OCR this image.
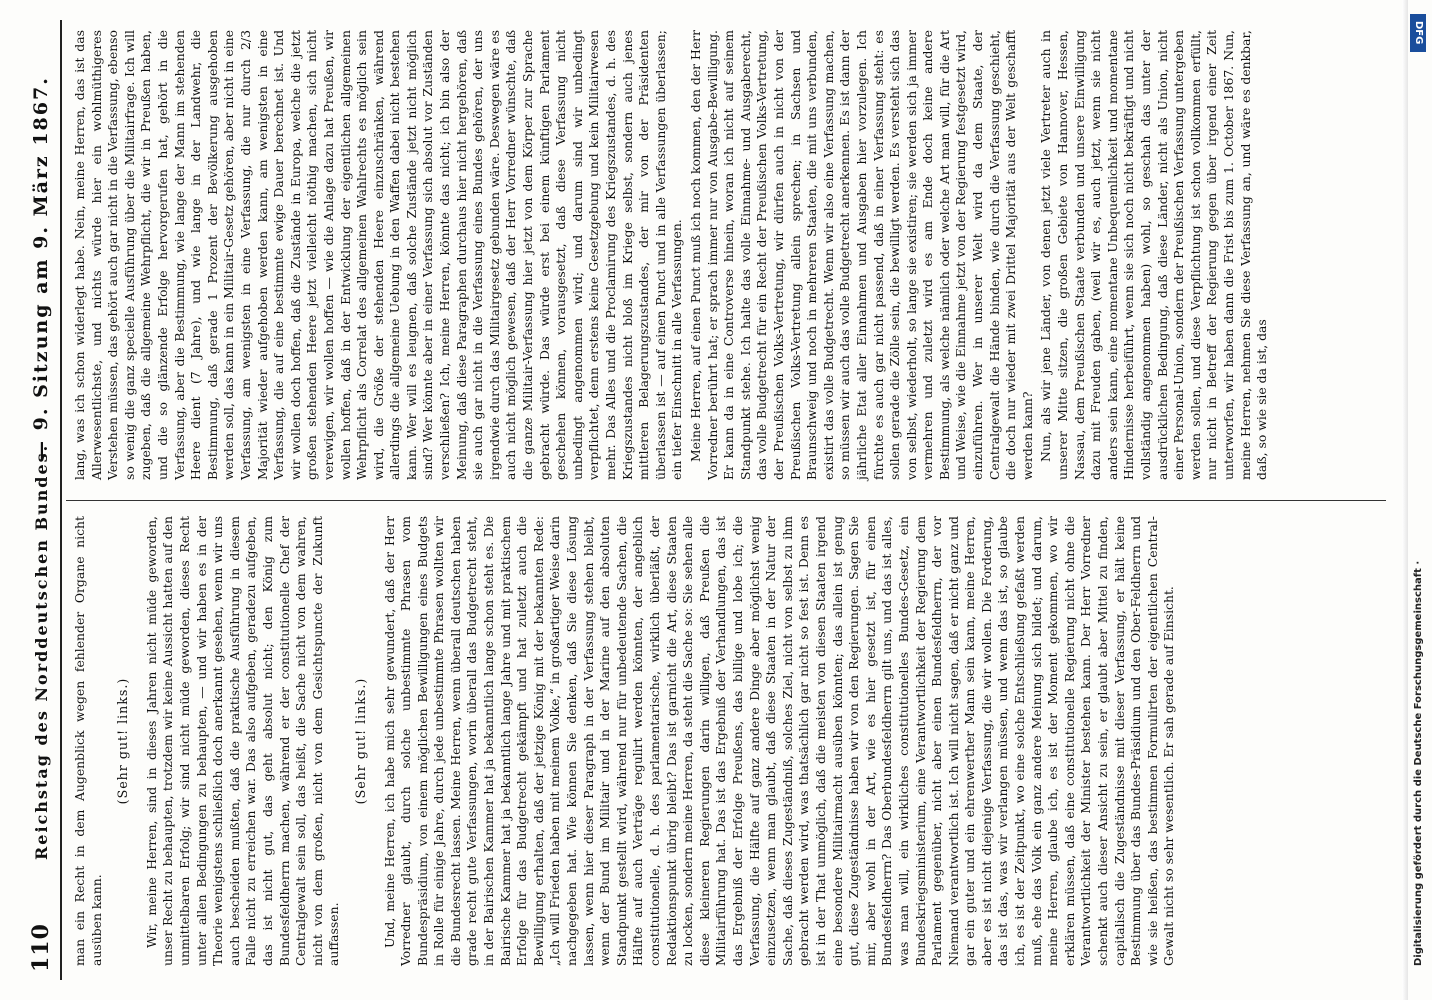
110
Reichstag des Norddeutschen Bundes.
— 9. Sitzung am 9. März 1867.

man ein Recht in dem Augenblick wegen fehlender Organe nicht ausüben kann.

(Sehr gut! links.) Wir, meine Herren, sind in dieses Jahren nicht müde geworden, unser Recht zu behaupten, trotzdem wir keine Aussicht hatten auf den unmittelbaren Erfolg; wir sind nicht müde geworden, dieses Recht unter allen Bedingungen zu behaupten, — und wir haben es in der Theorie wenigstens schließlich doch anerkannt gesehen, wenn wir uns auch bescheiden mußten, daß die praktische Ausführung in diesem Falle nicht zu erreichen war. Das also aufgeben, geradezu aufgeben, das ist nicht gut, das geht absolut nicht; den König zum Bundesfeldherrn machen, während er der constitutionelle Chef der Centralgewalt sein soll, das heißt, die Sache nicht von dem wahren, nicht von dem großen, nicht von dem Gesichtspuncte der Zukunft auffassen.

(Sehr gut! links.) Und, meine Herren, ich habe mich sehr gewundert, daß der Herr Vorredner glaubt, durch solche unbestimmte Phrasen vom Bundespräsidium, von einem möglichen Bewilligungen eines Budgets in Rolle für einige Jahre, durch jede unbestimmte Phrasen wollten wir die Bundesrecht lassen. Meine Herren, wenn überall deutschen haben grade recht gute Verfassungen, worin überall das Budgetrecht steht, in der Bairischen Kammer hat ja bekanntlich lange schon steht es. Die Bairische Kammer hat ja bekanntlich lange Jahre und mit praktischem Erfolge für das Budgetrecht gekämpft und hat zuletzt auch die Bewilligung erhalten, daß der jetzige König mit der bekannten Rede: „Ich will Frieden haben mit meinem Volke,“ in großartiger Weise darin nachgegeben hat. Wie können Sie denken, daß Sie diese Lösung lassen, wenn hier dieser Paragraph in der Verfassung stehen bleibt, wenn der Bund im Militair und in der Marine auf den absoluten Standpunkt gestellt wird, während nur für unbedeutende Sachen, die Hälfte auf auch Verträge regulirt werden könnten, der angeblich constitutionelle, d. h. des parlamentarische, wirklich überläßt, der Redaktionspunkt übrig bleibt? Das ist garnicht die Art, diese Staaten zu locken, sondern meine Herren, da steht die Sache so: Sie sehen alle diese kleineren Regierungen darin willigen, daß Preußen die Militairführung hat. Das ist das Ergebniß der Verhandlungen, das ist das Ergebniß der Erfolge Preußens, das billige und lobe ich; die Verfassung, die Hälfte auf ganz andere Dinge aber möglichst wenig einzusetzen, wenn man glaubt, daß diese Staaten in der Natur der Sache, daß dieses Zugeständniß, solches Ziel, nicht von selbst zu ihm gebracht werden wird, was thatsächlich gar nicht so fest ist. Denn es ist in der That unmöglich, daß die meisten von diesen Staaten irgend eine besondere Militairmacht ausüben könnten; das allein ist genug gut, diese Zugeständnisse haben wir von den Regierungen. Sagen Sie mir, aber wohl in der Art, wie es hier gesetzt ist, für einen Bundesfeldherrn? Das Oberbundesfeldherrn gilt uns, und das ist alles, was man will, ein wirkliches constitutionelles Bundes-Gesetz, ein Bundeskriegsministerium, eine Verantwortlichkeit der Regierung dem Parlament gegenüber, nicht aber einen Bundesfeldherrn, der vor Niemand verantwortlich ist. Ich will nicht sagen, daß er nicht ganz und gar ein guter und ein ehrenwerther Mann sein kann, meine Herren, aber es ist nicht diejenige Verfassung, die wir wollen. Die Forderung, das ist das, was wir verlangen müssen, und wenn das ist, so glaube ich, es ist der Zeitpunkt, wo eine solche Entschließung gefaßt werden muß, ehe das Volk ein ganz andere Meinung sich bildet; und darum, meine Herren, glaube ich, es ist der Moment gekommen, wo wir erklären müssen, daß eine constitutionelle Regierung nicht ohne die Verantwortlichkeit der Minister bestehen kann. Der Herr Vorredner schenkt auch dieser Ansicht zu sein, er glaubt aber Mittel zu finden, capitalisch die Zugeständnisse mit dieser Verfassung, er hält keine Bestimmung über das Bundes-Präsidium und den Ober-Feldherrn und wie sie heißen, das bestimmen Formulirten der eigentlichen Central-Gewalt nicht so sehr wesentlich. Er sah gerade auf Einsicht.

lang, was ich schon widerlegt habe. Nein, meine Herren, das ist das Allerwesentlichste, und nichts würde hier ein wohlmüthigeres Verstehen müssen, das gehört auch gar nicht in die Verfassung, ebenso so wenig die ganz specielle Ausführung über die Militairfrage. Ich will zugeben, daß die allgemeine Wehrpflicht, die wir in Preußen haben, und die so glänzende Erfolge hervorgerufen hat, gehört in die Verfassung, aber die Bestimmung, wie lange der Mann im stehenden Heere dient (7 Jahre), und wie lange in der Landwehr, die Bestimmung, daß gerade 1 Prozent der Bevölkerung ausgehoben werden soll, das kann in ein Militair-Gesetz gehören, aber nicht in eine Verfassung, am wenigsten in eine Verfassung, die nur durch 2/3 Majorität wieder aufgehoben werden kann, am wenigsten in eine Verfassung, die auf eine bestimmte ewige Dauer berechnet ist. Und wir wollen doch hoffen, daß die Zustände in Europa, welche die jetzt großen stehenden Heere jetzt vielleicht nöthig machen, sich nicht verewigen, wir wollen hoffen — wie die Anlage dazu hat Preußen, wir wollen hoffen, daß in der Entwicklung der eigentlichen allgemeinen Wehrpflicht als Correlat des allgemeinen Wahlrechts es möglich sein wird, die Größe der stehenden Heere einzuschränken, während allerdings die allgemeine Uebung in den Waffen dabei nicht bestehen kann. Wer will es leugnen, daß solche Zustände jetzt nicht möglich sind? Wer könnte aber in einer Verfassung sich absolut vor Zuständen verschließen? Ich, meine Herren, könnte das nicht; ich bin also der Meinung, daß diese Paragraphen durchaus hier nicht hergehören, daß sie auch gar nicht in die Verfassung eines Bundes gehören, der uns irgendwie durch das Militairgesetz gebunden wäre. Deswegen wäre es auch nicht möglich gewesen, daß der Herr Vorredner wünschte, daß die ganze Militair-Verfassung hier jetzt von dem Körper zur Sprache gebracht würde. Das würde erst bei einem künftigen Parlament geschehen können, vorausgesetzt, daß diese Verfassung nicht unbedingt angenommen wird; und darum sind wir unbedingt verpflichtet, denn erstens keine Gesetzgebung und kein Militairwesen mehr. Das Alles und die Proclamirung des Kriegszustandes, d. h. des Kriegszustandes nicht bloß im Kriege selbst, sondern auch jenes mittleren Belagerungszustandes, der mir von der Präsidenten überlassen ist — auf einen Punct und in alle Verfassungen überlassen; ein tiefer Einschnitt in alle Verfassungen. Meine Herren, auf einen Punct muß ich noch kommen, den der Herr Vorredner berührt hat; er sprach immer nur von Ausgabe-Bewilligung. Er kann da in eine Controverse hinein, woran ich nicht auf seinem Standpunkt stehe. Ich halte das volle Einnahme- und Ausgaberecht, das volle Budgetrecht für ein Recht der Preußischen Volks-Vertretung, der Preußischen Volks-Vertretung, wir dürfen auch in nicht von der Preußischen Volks-Vertretung allein sprechen; in Sachsen und Braunschweig und noch in mehreren Staaten, die mit uns verbunden, existirt das volle Budgetrecht. Wenn wir also eine Verfassung machen, so müssen wir auch das volle Budgetrecht anerkennen. Es ist dann der jährliche Etat aller Einnahmen und Ausgaben hier vorzulegen. Ich fürchte es auch gar nicht passend, daß in einer Verfassung steht: es sollen gerade die Zölle sein, die bewilligt werden. Es versteht sich das von selbst, wiederholt, so lange sie existiren; sie werden sich ja immer vermehren und zuletzt wird es am Ende doch keine andere Bestimmung, als welche nämlich oder welche Art man will, für die Art und Weise, wie die Einnahme jetzt von der Regierung festgesetzt wird, einzuführen. Wer in unserer Welt wird da dem Staate, der Centralgewalt die Hände binden, wie durch die Verfassung geschieht, die doch nur wieder mit zwei Drittel Majorität aus der Welt geschafft werden kann? Nun, als wir jene Länder, von denen jetzt viele Vertreter auch in unserer Mitte sitzen, die großen Gebiete von Hannover, Hessen, Nassau, dem Preußischen Staate verbunden und unsere Einwilligung dazu mit Freuden gaben, (weil wir es, auch jetzt, wenn sie nicht anders sein kann, eine momentane Unbequemlichkeit und momentane Hindernisse herbeiführt, wenn sie sich noch nicht bekräftigt und nicht vollständig angenommen haben) wohl, so geschah das unter der ausdrücklichen Bedingung, daß diese Länder, nicht als Union, nicht einer Personal-Union, sondern der Preußischen Verfassung untergeben werden sollen, und diese Verpflichtung ist schon vollkommen erfüllt, nur nicht in Betreff der Regierung gegen über irgend einer Zeit unterworfen, wir haben dann die Frist bis zum 1. October 1867. Nun, meine Herren, nehmen Sie diese Verfassung an, und wäre es denkbar, daß, so wie sie da ist, das

DFG
Digitalisierung gefördert durch die Deutsche Forschungsgemeinschaft ·
